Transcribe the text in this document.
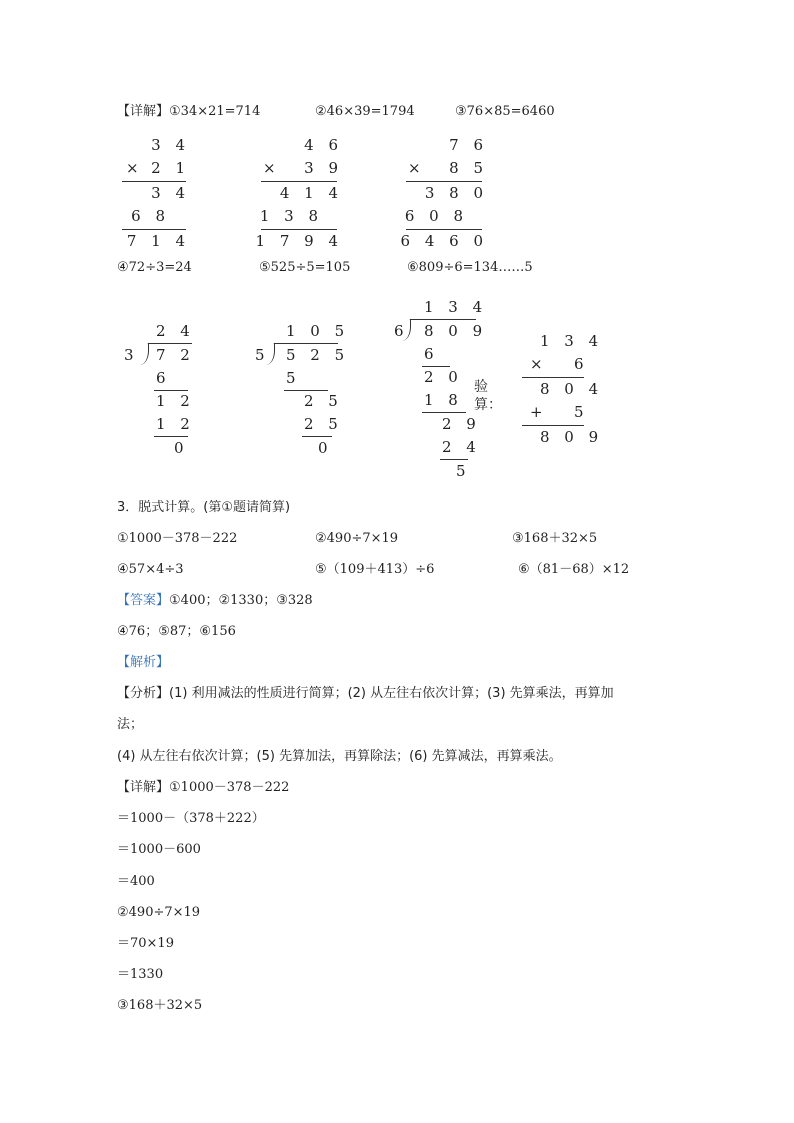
【详解】①34×21=714	②46×39=1794	③76×85=6460
3 4
× 2 1
3 4
6 8
7 1 4
4 6
× 3 9
4 1 4
1 3 8
1 7 9 4
7 6
× 8 5
3 8 0
6 0 8
6 4 6 0
④72÷3=24	⑤525÷5=105	⑥809÷6=134……5
2 4
3 7 2
6
1 2
1 2
0
1 0 5
5 5 2 5
5
2 5
2 5
0
1 3 4
6 8 0 9
6
2 0
1 8
2 9
2 4
5
验算：
1 3 4
× 6
8 0 4
+ 5
8 0 9
3．脱式计算。(第①题请简算)
①1000－378－222	②490÷7×19	③168＋32×5
④57×4÷3	⑤（109＋413）÷6	⑥（81－68）×12
【答案】①400；②1330；③328
④76；⑤87；⑥156
【解析】
【分析】(1) 利用减法的性质进行简算；(2) 从左往右依次计算；(3) 先算乘法，再算加
法；
(4) 从左往右依次计算；(5) 先算加法，再算除法；(6) 先算减法，再算乘法。
【详解】①1000－378－222
＝1000－（378＋222）
＝1000－600
＝400
②490÷7×19
＝70×19
＝1330
③168＋32×5
